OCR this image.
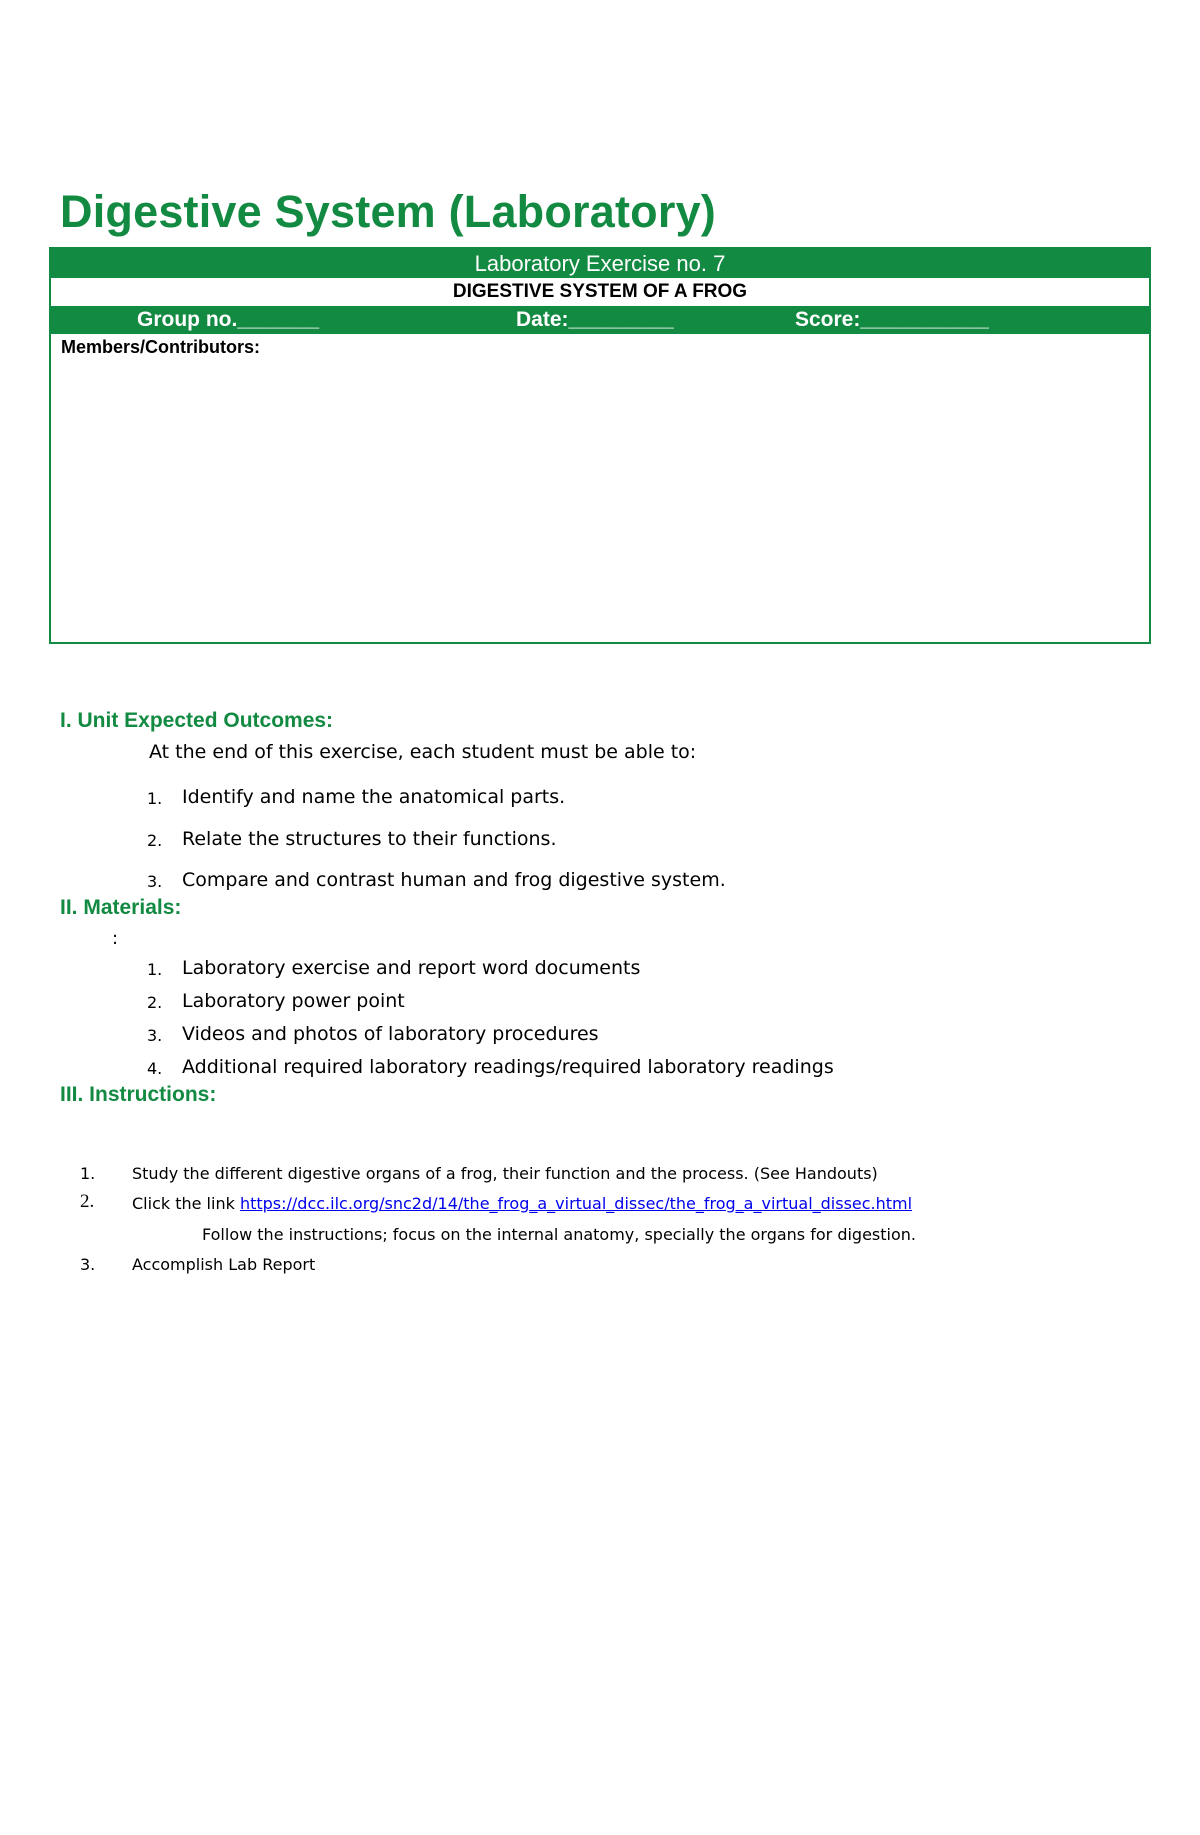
Digestive System (Laboratory)
Laboratory Exercise no. 7
DIGESTIVE SYSTEM OF A FROG
Group no._______	Date:_________	Score:___________
Members/Contributors:
I. Unit Expected Outcomes:
At the end of this exercise, each student must be able to:
1. Identify and name the anatomical parts.
2. Relate the structures to their functions.
3. Compare and contrast human and frog digestive system.
II. Materials:
:
1. Laboratory exercise and report word documents
2. Laboratory power point
3. Videos and photos of laboratory procedures
4. Additional required laboratory readings/required laboratory readings
III. Instructions:
1. Study the different digestive organs of a frog, their function and the process. (See Handouts)
2. Click the link https://dcc.ilc.org/snc2d/14/the_frog_a_virtual_dissec/the_frog_a_virtual_dissec.html
Follow the instructions; focus on the internal anatomy, specially the organs for digestion.
3. Accomplish Lab Report
